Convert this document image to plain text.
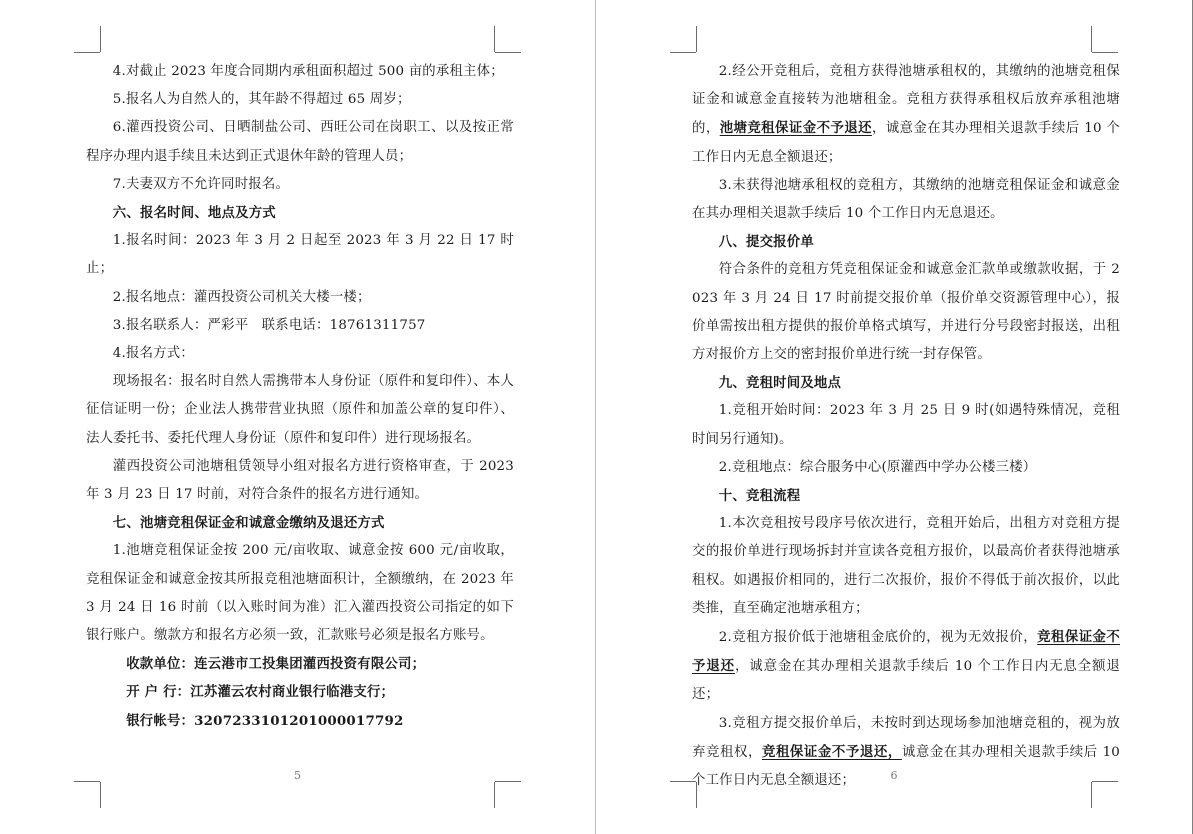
4.对截止 2023 年度合同期内承租面积超过 500 亩的承租主体；

5.报名人为自然人的，其年龄不得超过 65 周岁；

6.灌西投资公司、日晒制盐公司、西旺公司在岗职工、以及按正常程序办理内退手续且未达到正式退休年龄的管理人员；

7.夫妻双方不允许同时报名。

六、报名时间、地点及方式

1.报名时间：2023 年 3 月 2 日起至 2023 年 3 月 22 日 17 时止；

2.报名地点：灌西投资公司机关大楼一楼；

3.报名联系人：严彩平   联系电话：18761311757

4.报名方式：

现场报名：报名时自然人需携带本人身份证（原件和复印件）、本人征信证明一份；企业法人携带营业执照（原件和加盖公章的复印件）、法人委托书、委托代理人身份证（原件和复印件）进行现场报名。

灌西投资公司池塘租赁领导小组对报名方进行资格审查，于 2023 年 3 月 23 日 17 时前，对符合条件的报名方进行通知。

七、池塘竞租保证金和诚意金缴纳及退还方式

1.池塘竞租保证金按 200 元/亩收取、诚意金按 600 元/亩收取，竞租保证金和诚意金按其所报竞租池塘面积计，全额缴纳，在 2023 年 3 月 24 日 16 时前（以入账时间为准）汇入灌西投资公司指定的如下银行账户。缴款方和报名方必须一致，汇款账号必须是报名方账号。

收款单位：连云港市工投集团灌西投资有限公司；

开 户 行：江苏灌云农村商业银行临港支行；

银行帐号：3207233101201000017792

5

2.经公开竞租后，竞租方获得池塘承租权的，其缴纳的池塘竞租保证金和诚意金直接转为池塘租金。竞租方获得承租权后放弃承租池塘的，池塘竞租保证金不予退还，诚意金在其办理相关退款手续后 10 个工作日内无息全额退还；

3.未获得池塘承租权的竞租方，其缴纳的池塘竞租保证金和诚意金在其办理相关退款手续后 10 个工作日内无息退还。

八、提交报价单

符合条件的竞租方凭竞租保证金和诚意金汇款单或缴款收据，于 2023 年 3 月 24 日 17 时前提交报价单（报价单交资源管理中心），报价单需按出租方提供的报价单格式填写，并进行分号段密封报送，出租方对报价方上交的密封报价单进行统一封存保管。

九、竞租时间及地点

1.竞租开始时间：2023 年 3 月 25 日 9 时(如遇特殊情况，竞租时间另行通知)。

2.竞租地点：综合服务中心(原灌西中学办公楼三楼）

十、竞租流程

1.本次竞租按号段序号依次进行，竞租开始后，出租方对竞租方提交的报价单进行现场拆封并宣读各竞租方报价，以最高价者获得池塘承租权。如遇报价相同的，进行二次报价，报价不得低于前次报价，以此类推，直至确定池塘承租方；

2.竞租方报价低于池塘租金底价的，视为无效报价，竞租保证金不予退还，诚意金在其办理相关退款手续后 10 个工作日内无息全额退还；

3.竞租方提交报价单后，未按时到达现场参加池塘竞租的，视为放弃竞租权，竞租保证金不予退还，诚意金在其办理相关退款手续后 10 个工作日内无息全额退还；	6
